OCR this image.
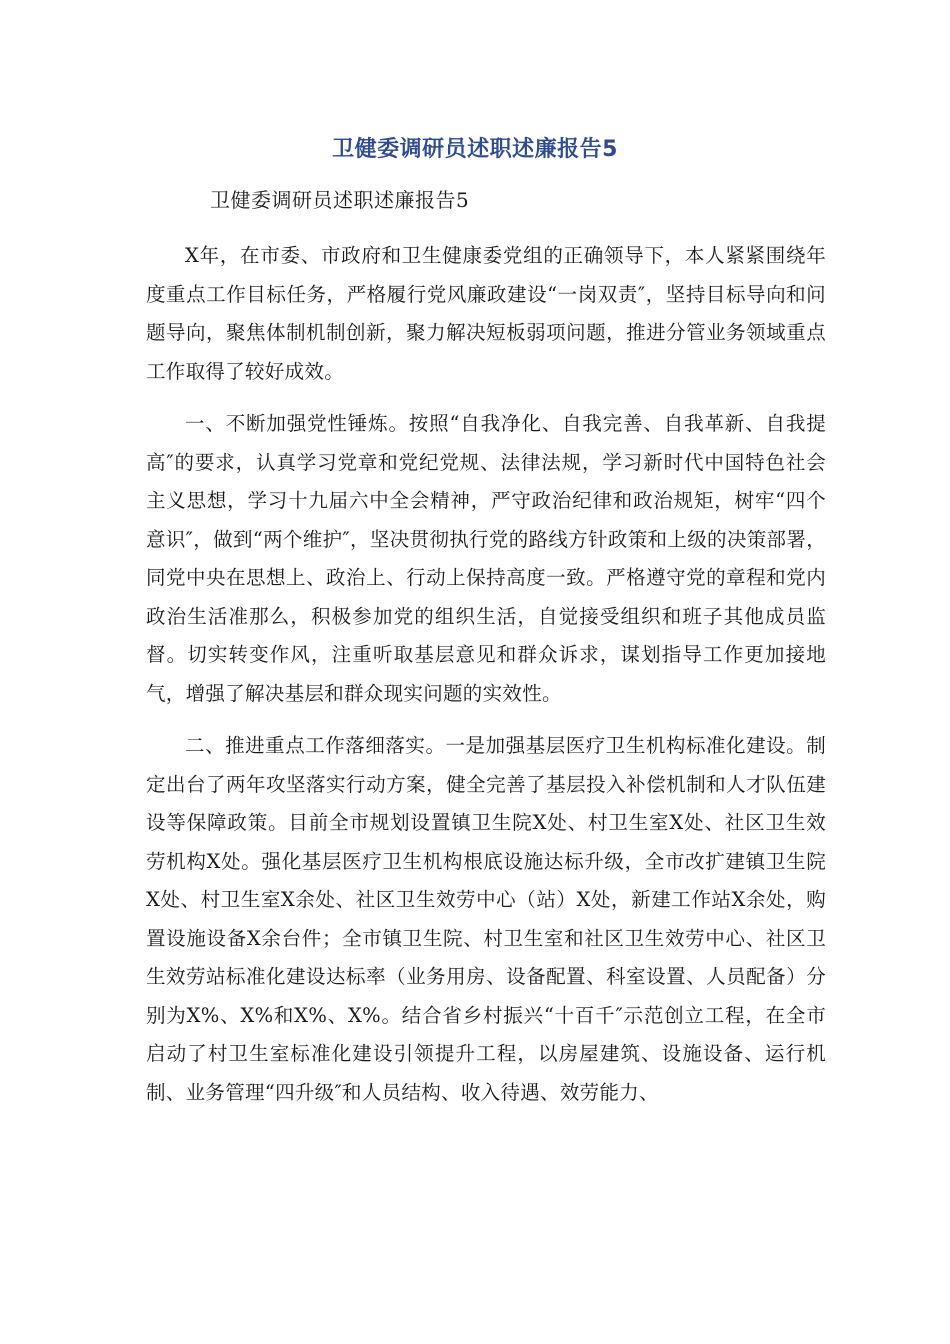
卫健委调研员述职述廉报告5

卫健委调研员述职述廉报告5

X年，在市委、市政府和卫生健康委党组的正确领导下，本人紧紧围绕年度重点工作目标任务，严格履行党风廉政建设“一岗双责″，坚持目标导向和问题导向，聚焦体制机制创新，聚力解决短板弱项问题，推进分管业务领域重点工作取得了较好成效。

一、不断加强党性锤炼。按照“自我净化、自我完善、自我革新、自我提高″的要求，认真学习党章和党纪党规、法律法规，学习新时代中国特色社会主义思想，学习十九届六中全会精神，严守政治纪律和政治规矩，树牢“四个意识″，做到“两个维护″，坚决贯彻执行党的路线方针政策和上级的决策部署，同党中央在思想上、政治上、行动上保持高度一致。严格遵守党的章程和党内政治生活准那么，积极参加党的组织生活，自觉接受组织和班子其他成员监督。切实转变作风，注重听取基层意见和群众诉求，谋划指导工作更加接地气，增强了解决基层和群众现实问题的实效性。

二、推进重点工作落细落实。一是加强基层医疗卫生机构标准化建设。制定出台了两年攻坚落实行动方案，健全完善了基层投入补偿机制和人才队伍建设等保障政策。目前全市规划设置镇卫生院X处、村卫生室X处、社区卫生效劳机构X处。强化基层医疗卫生机构根底设施达标升级，全市改扩建镇卫生院X处、村卫生室X余处、社区卫生效劳中心（站）X处，新建工作站X余处，购置设施设备X余台件；全市镇卫生院、村卫生室和社区卫生效劳中心、社区卫生效劳站标准化建设达标率（业务用房、设备配置、科室设置、人员配备）分别为X%、X%和X%、X%。结合省乡村振兴“十百千″示范创立工程，在全市启动了村卫生室标准化建设引领提升工程，以房屋建筑、设施设备、运行机制、业务管理“四升级″和人员结构、收入待遇、效劳能力、
